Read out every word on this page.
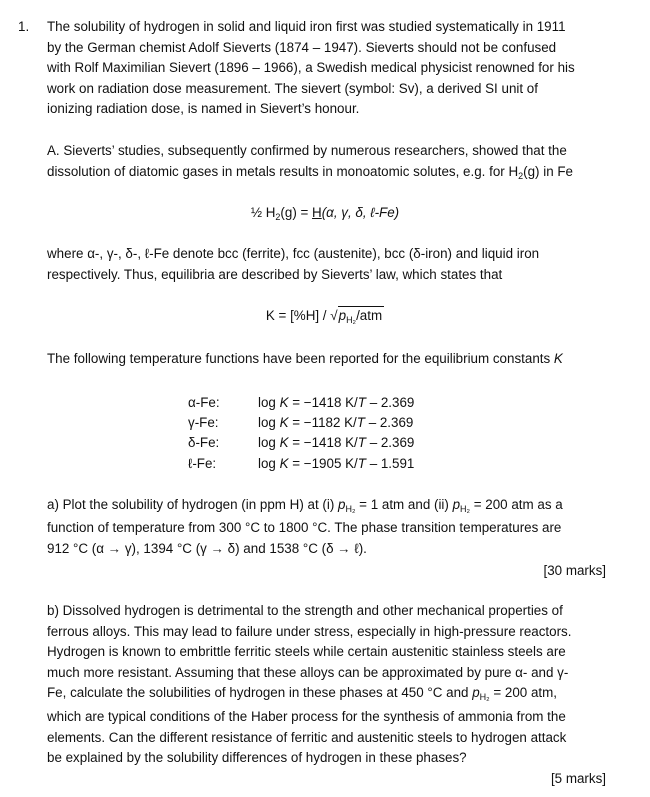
1. The solubility of hydrogen in solid and liquid iron first was studied systematically in 1911
by the German chemist Adolf Sieverts (1874 – 1947). Sieverts should not be confused
with Rolf Maximilian Sievert (1896 – 1966), a Swedish medical physicist renowned for his
work on radiation dose measurement. The sievert (symbol: Sv), a derived SI unit of
ionizing radiation dose, is named in Sievert’s honour.
A. Sieverts’ studies, subsequently confirmed by numerous researchers, showed that the
dissolution of diatomic gases in metals results in monoatomic solutes, e.g. for $H_2(g)$ in Fe
½ $H_2(g) = H(\alpha$, γ, δ, ℓ-Fe)
where α-, γ-, δ-, ℓ-Fe denote bcc (ferrite), fcc (austenite), bcc (δ-iron) and liquid iron
respectively. Thus, equilibria are described by Sieverts’ law, which states that
$K = [\%H] / √p_{H_2}$/atm
The following temperature functions have been reported for the equilibrium constants K
α-Fe:	log K = −1418 K/T – 2.369
γ-Fe:	log K = −1182 K/T – 2.369
δ-Fe:	log K = −1418 K/T – 2.369
ℓ-Fe:	log K = −1905 K/T – 1.591
a) Plot the solubility of hydrogen (in ppm H) at (i) $p_{H_2} = 1$ atm and (ii) $p_{H_2} = 200$ atm as a
function of temperature from 300 °C to 1800 °C. The phase transition temperatures are
912 °C (α → γ), 1394 °C (γ → δ) and 1538 °C (δ → ℓ).
[30 marks]
b) Dissolved hydrogen is detrimental to the strength and other mechanical properties of
ferrous alloys. This may lead to failure under stress, especially in high-pressure reactors.
Hydrogen is known to embrittle ferritic steels while certain austenitic stainless steels are
much more resistant. Assuming that these alloys can be approximated by pure α- and γ-
Fe, calculate the solubilities of hydrogen in these phases at 450 °C and $p_{H_2} = 200$ atm,
which are typical conditions of the Haber process for the synthesis of ammonia from the
elements. Can the different resistance of ferritic and austenitic steels to hydrogen attack
be explained by the solubility differences of hydrogen in these phases?
[5 marks]
